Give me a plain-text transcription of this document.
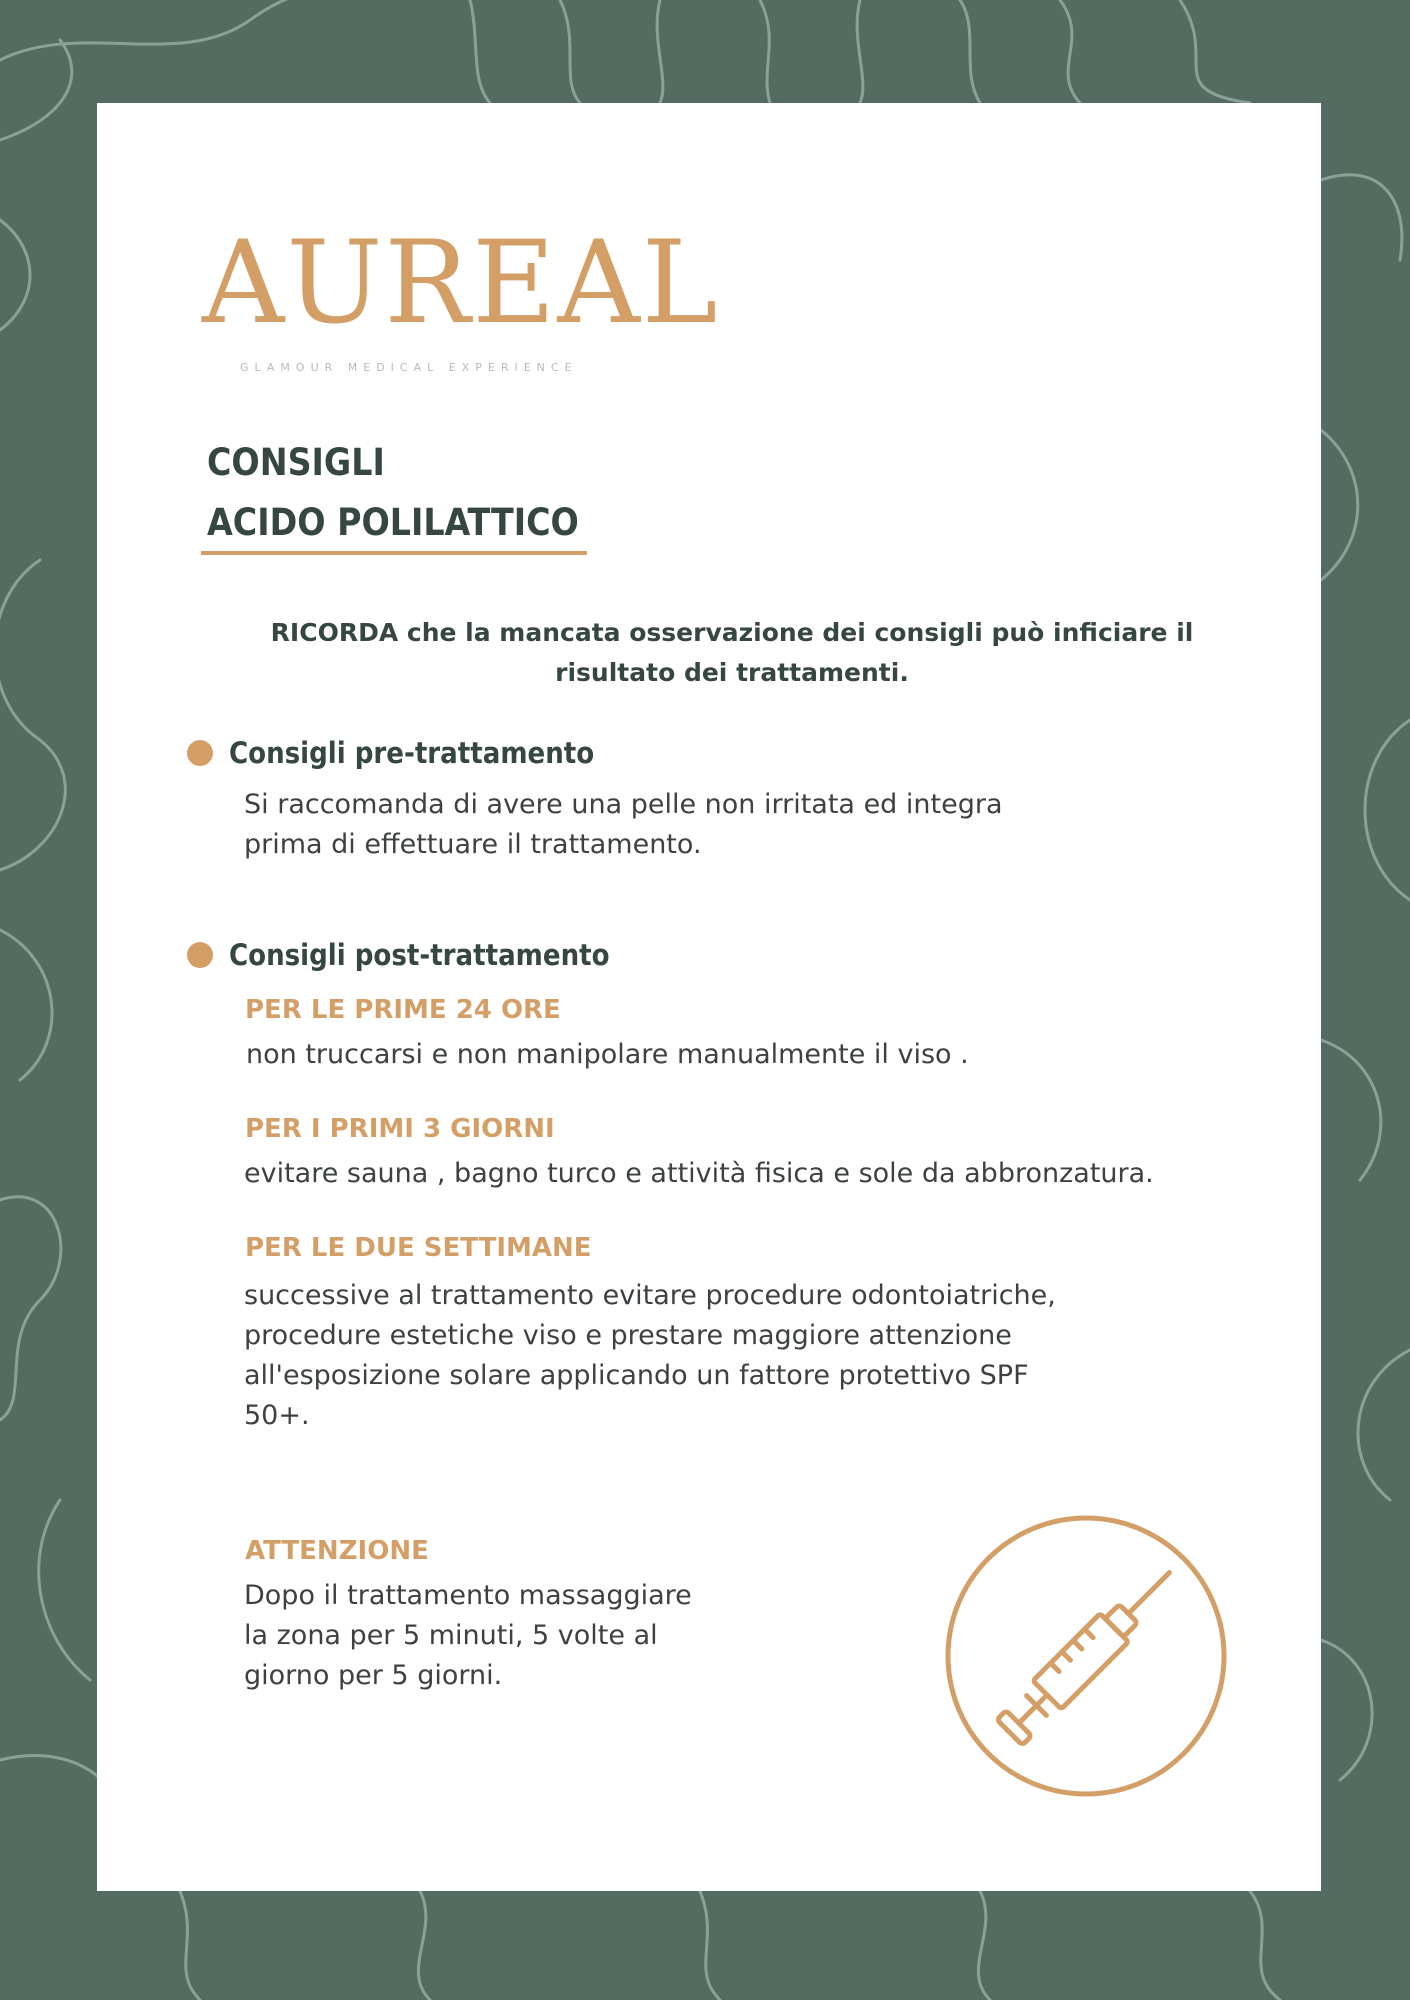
AUREAL
GLAMOUR MEDICAL EXPERIENCE
CONSIGLI
ACIDO POLILATTICO
RICORDA che la mancata osservazione dei consigli può inficiare il risultato dei trattamenti.
Consigli pre-trattamento
Si raccomanda di avere una pelle non irritata ed integra
prima di effettuare il trattamento.
Consigli post-trattamento
PER LE PRIME 24 ORE
non truccarsi e non manipolare manualmente il viso .
PER I PRIMI 3 GIORNI
evitare sauna , bagno turco e attività fisica e sole da abbronzatura.
PER LE DUE SETTIMANE
successive al trattamento evitare procedure odontoiatriche,
procedure estetiche viso e prestare maggiore attenzione
all'esposizione solare applicando un fattore protettivo SPF
50+.
ATTENZIONE
Dopo il trattamento massaggiare
la zona per 5 minuti, 5 volte al
giorno per 5 giorni.
